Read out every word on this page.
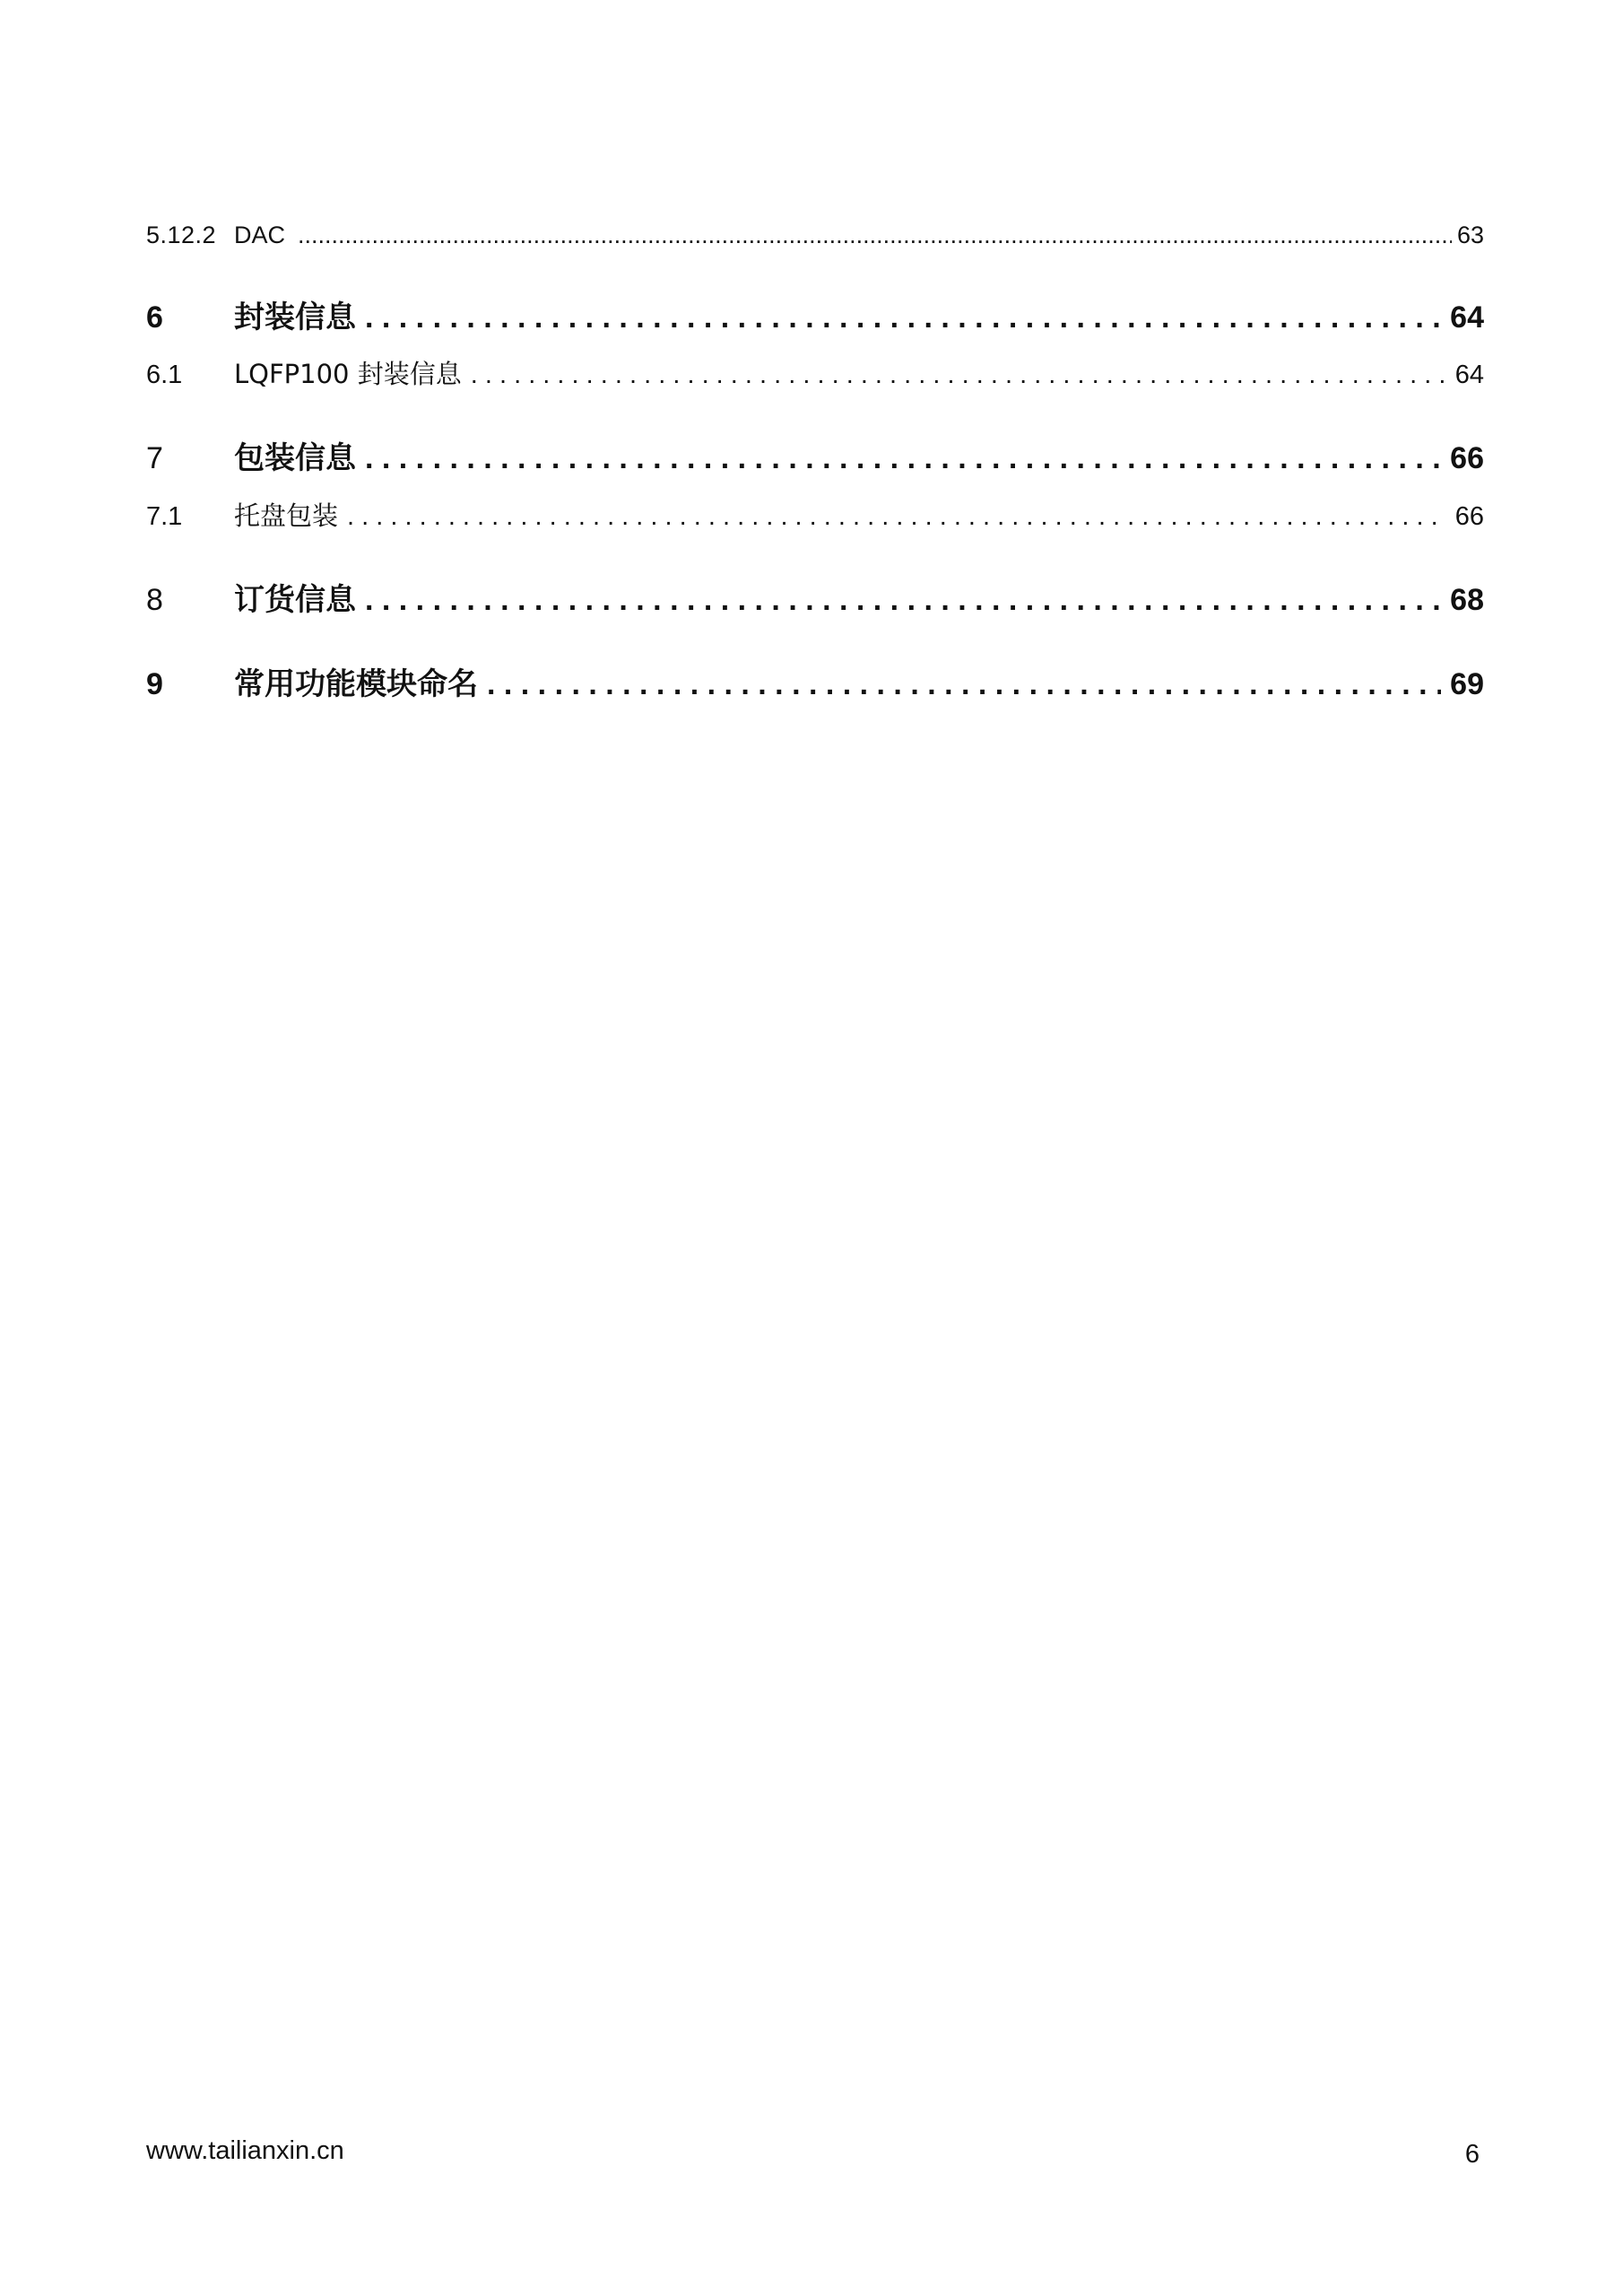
5.12.2 DAC .....	63
6	封装信息 . . .	64
6.1	LQFP100 封装信息 . . .	64
7	包装信息 . . .	66
7.1	托盘包装 . . .	66
8	订货信息 . . .	68
9	常用功能模块命名 . . .	69
www.tailianxin.cn	6
